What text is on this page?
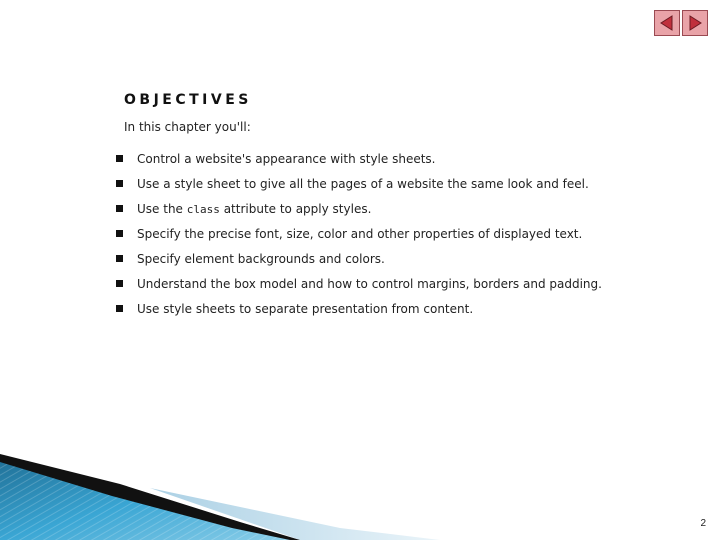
OBJECTIVES
In this chapter you'll:
Control a website's appearance with style sheets.
Use a style sheet to give all the pages of a website the same look and feel.
Use the class attribute to apply styles.
Specify the precise font, size, color and other properties of displayed text.
Specify element backgrounds and colors.
Understand the box model and how to control margins, borders and padding.
Use style sheets to separate presentation from content.
2
